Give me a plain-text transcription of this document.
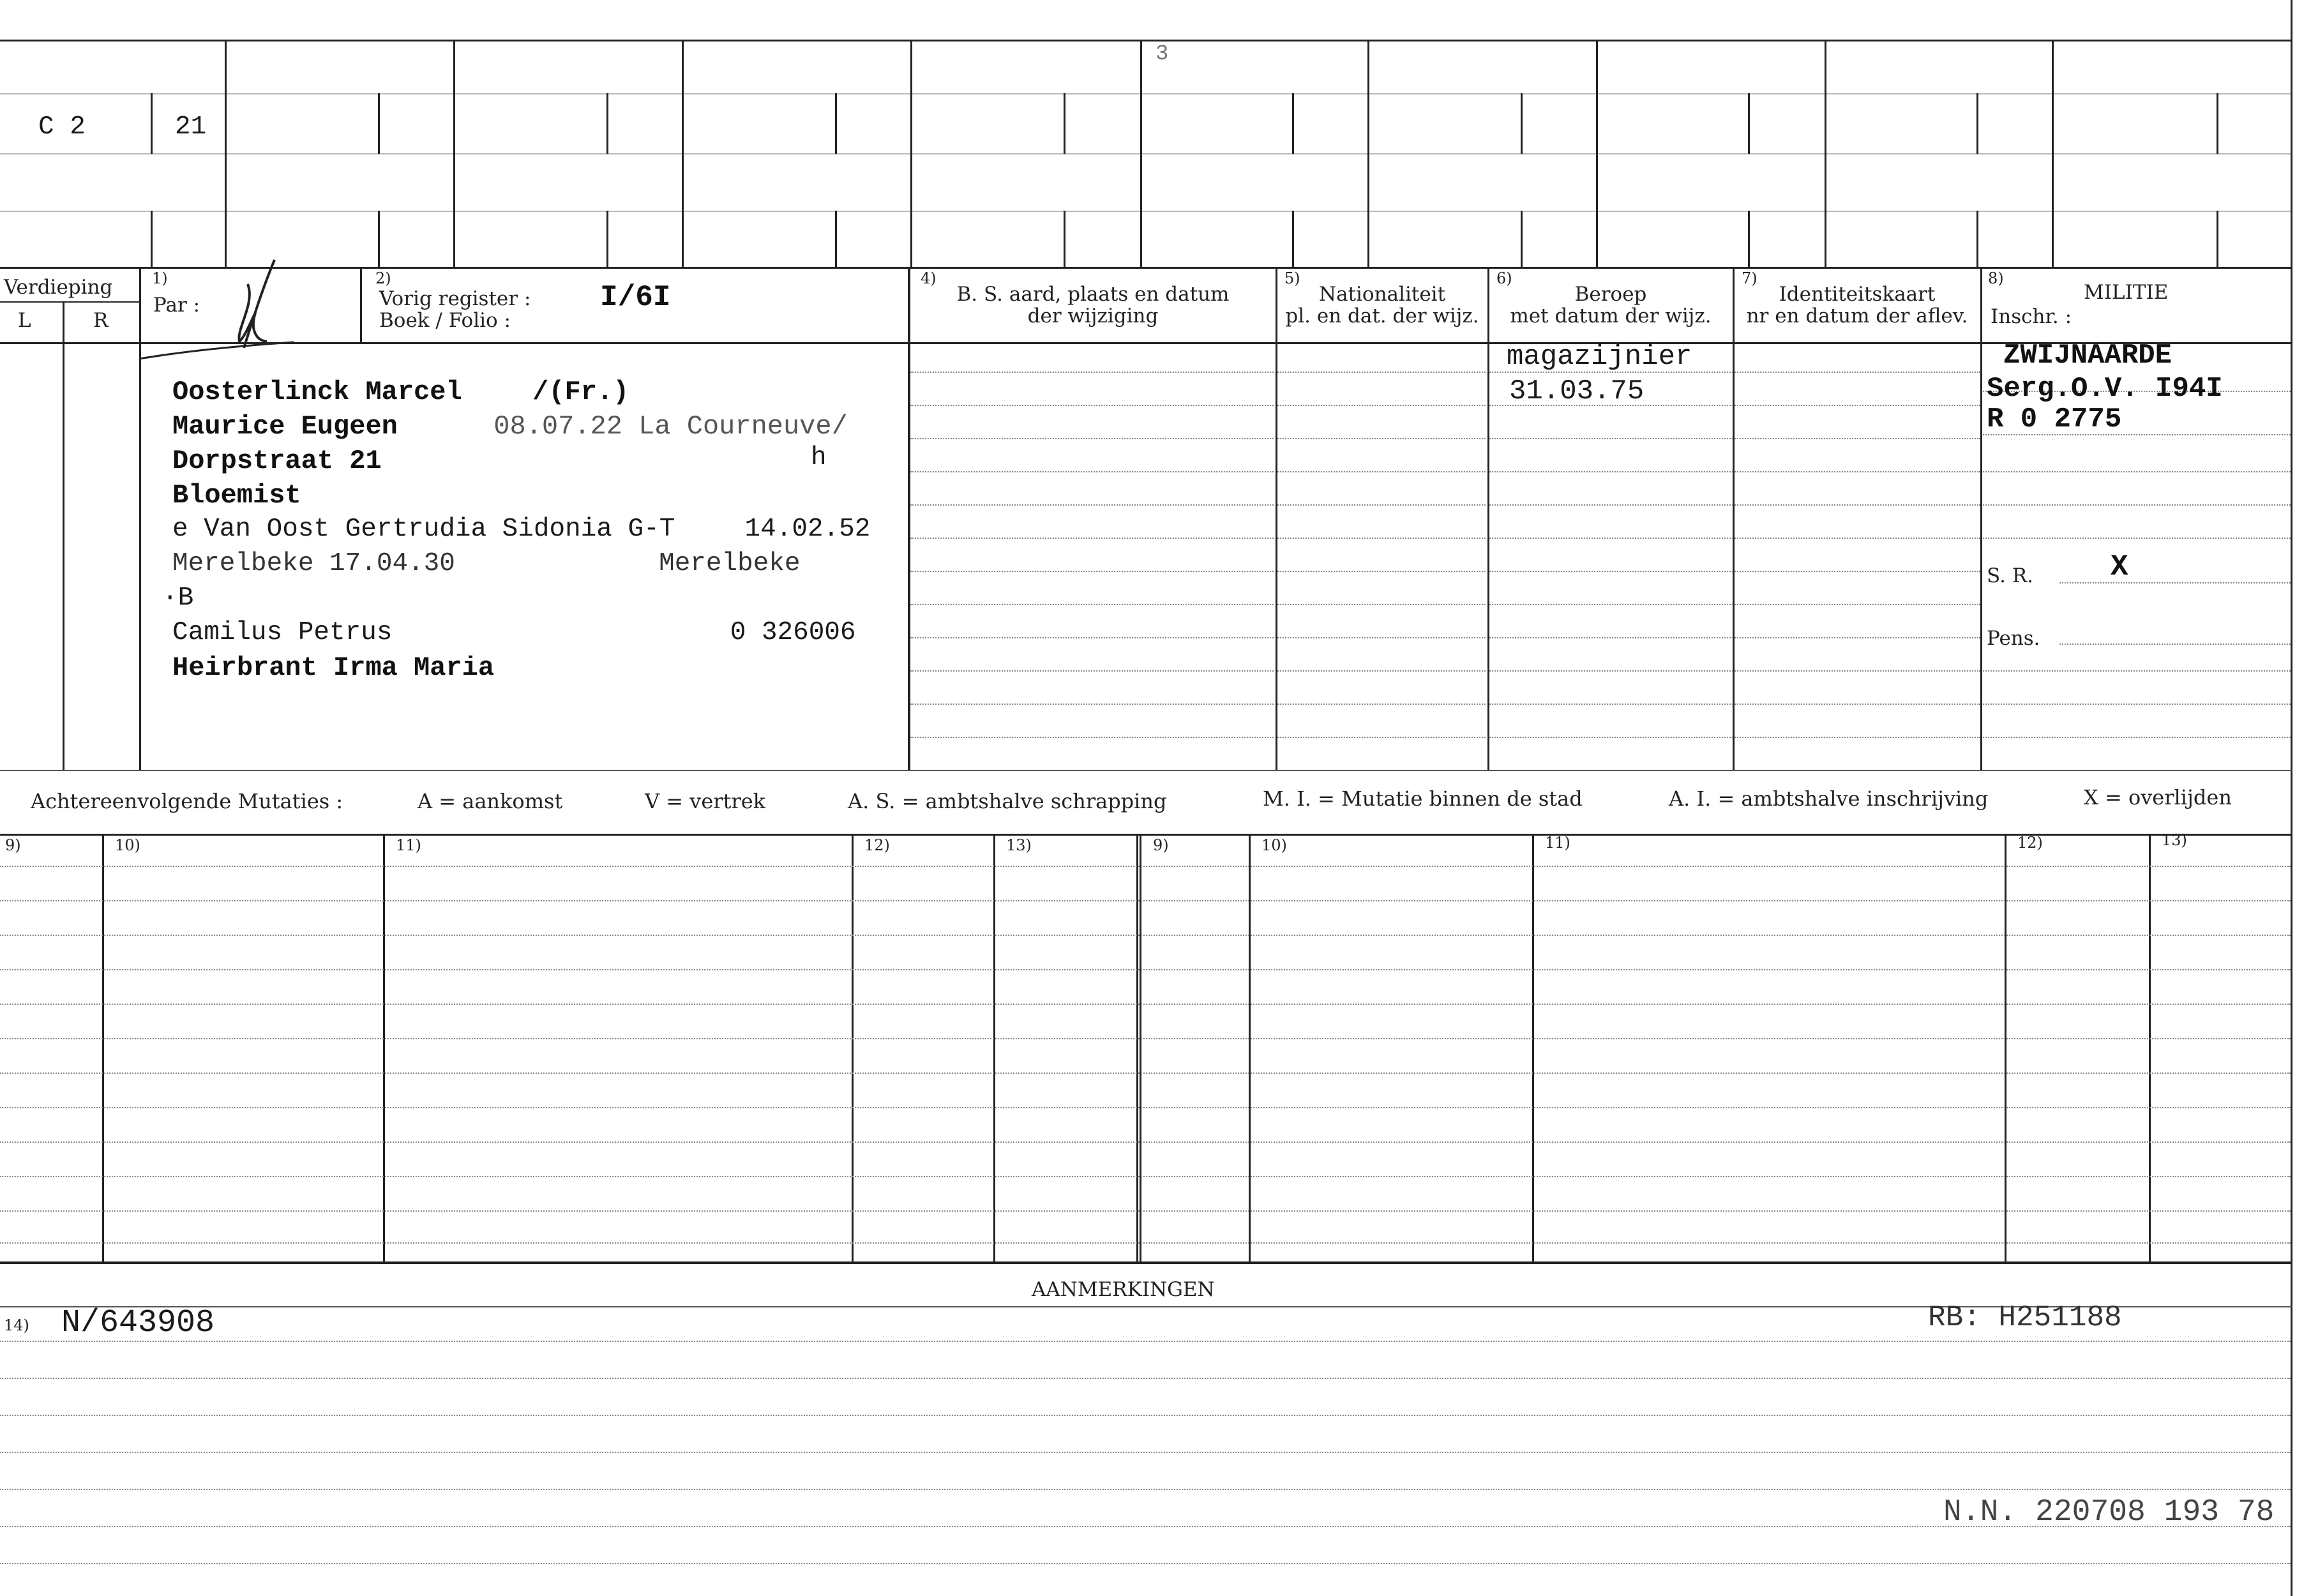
C 2	21
3
Verdieping
L	R
1)
Par :
2)
Vorig register :
Boek / Folio :
I/6I
4)
B. S. aard, plaats en datum
der wijziging
5)
Nationaliteit
pl. en dat. der wijz.
6)
Beroep
met datum der wijz.
7)
Identiteitskaart
nr en datum der aflev.
8)
MILITIE
Inschr. :
Oosterlinck Marcel	/(Fr.)
Maurice Eugeen	08.07.22 La Courneuve/
Dorpstraat 21	h
Bloemist
e Van Oost Gertrudia Sidonia G-T	14.02.52
Merelbeke 17.04.30	Merelbeke
·B
Camilus Petrus	0 326006
Heirbrant Irma Maria
magazijnier
31.03.75
ZWIJNAARDE
Serg.O.V. I94I
R 0 2775
S. R.	X
Pens.
Achtereenvolgende Mutaties :	A = aankomst	V = vertrek	A. S. = ambtshalve schrapping	M. I. = Mutatie binnen de stad	A. I. = ambtshalve inschrijving	X = overlijden
9)	10)	11)	12)	13)	9)	10)	11)	12)	13)
AANMERKINGEN
14) N/643908	RB: H251188
N.N. 220708 193 78
